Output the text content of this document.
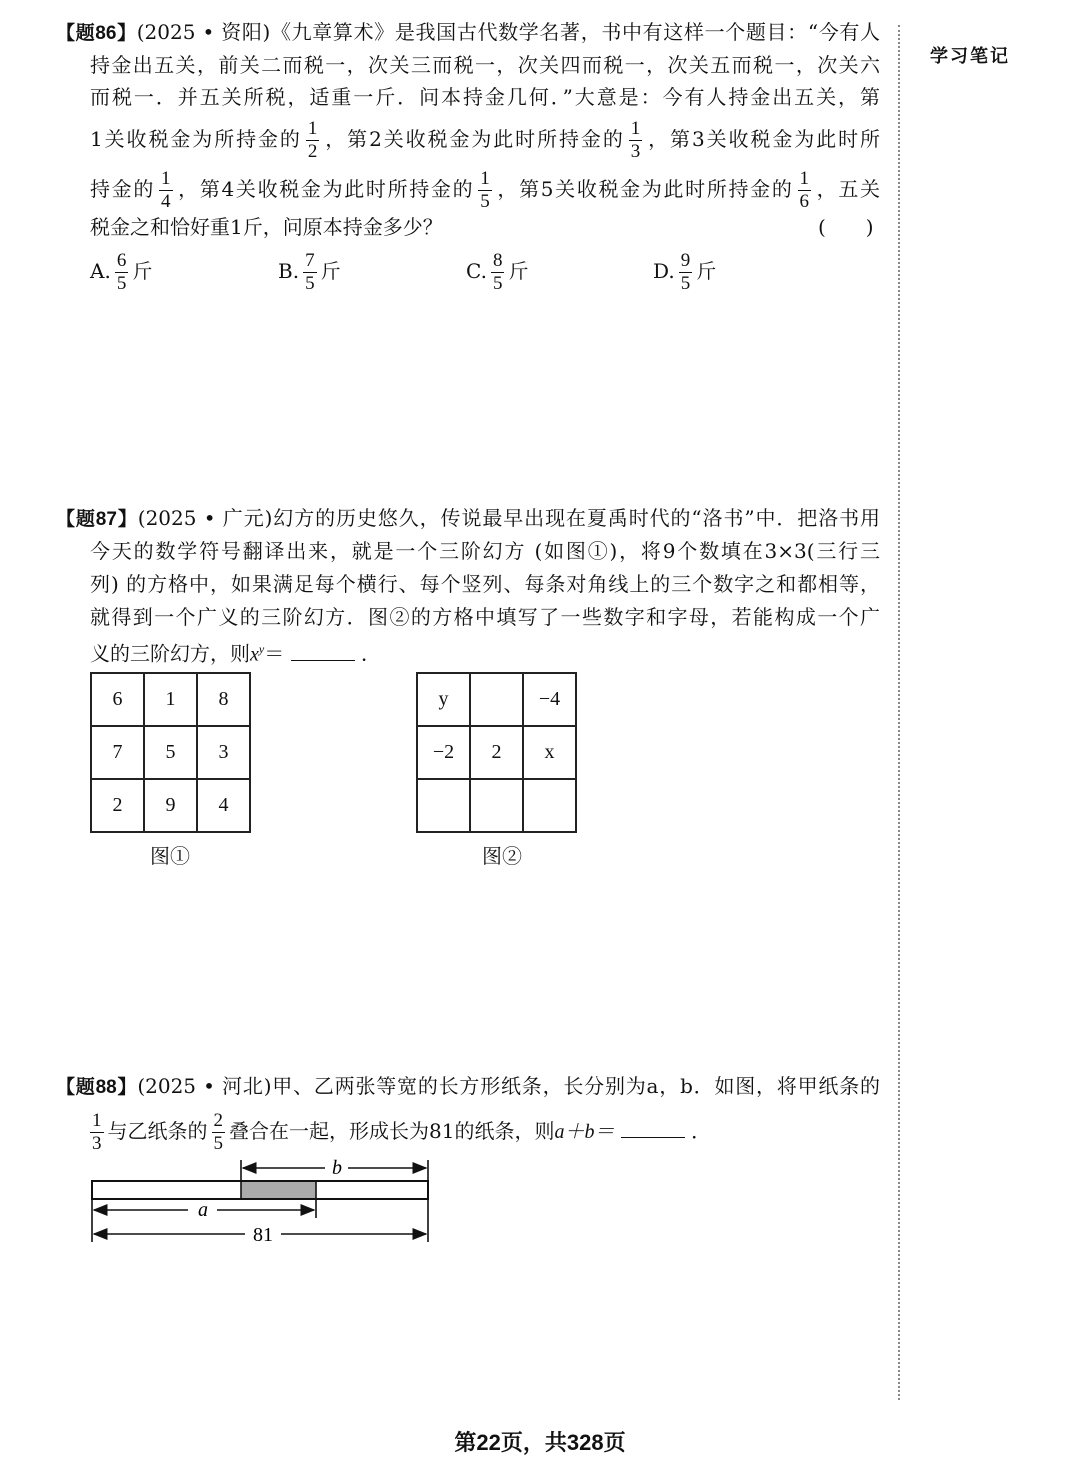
学习笔记
【题86】(2025 • 资阳)《九章算术》是我国古代数学名著，书中有这样一个题目：“今有人
持金出五关，前关二而税一，次关三而税一，次关四而税一，次关五而税一，次关六
而税一．并五关所税，适重一斤．问本持金几何．”大意是：今有人持金出五关，第
1关收税金为所持金的 $\frac{1}{2}$ ，第2关收税金为此时所持金的 $\frac{1}{3}$ ，第3关收税金为此时所
持金的 $\frac{1}{4}$ ，第4关收税金为此时所持金的 $\frac{1}{5}$ ，第5关收税金为此时所持金的 $\frac{1}{6}$ ，五关
税金之和恰好重1斤，问原本持金多少？	(　　)
A. $\frac{6}{5}$ 斤	B. $\frac{7}{5}$ 斤	C. $\frac{8}{5}$ 斤	D. $\frac{9}{5}$ 斤
【题87】(2025 • 广元)幻方的历史悠久，传说最早出现在夏禹时代的“洛书”中．把洛书用
今天的数学符号翻译出来，就是一个三阶幻方 (如图①)，将9个数填在3×3(三行三
列) 的方格中，如果满足每个横行、每个竖列、每条对角线上的三个数字之和都相等，
就得到一个广义的三阶幻方．图②的方格中填写了一些数字和字母，若能构成一个广
义的三阶幻方，则$x^y=$	．
6	1	8
7	5	3
2	9	4
图①
y		−4
−2	2	x

图②
【题88】(2025 • 河北)甲、乙两张等宽的长方形纸条，长分别为a，b．如图，将甲纸条的
$\frac{1}{3}$ 与乙纸条的 $\frac{2}{5}$ 叠合在一起，形成长为81的纸条，则a＋b＝	．
b
a
81
第22页，共328页
